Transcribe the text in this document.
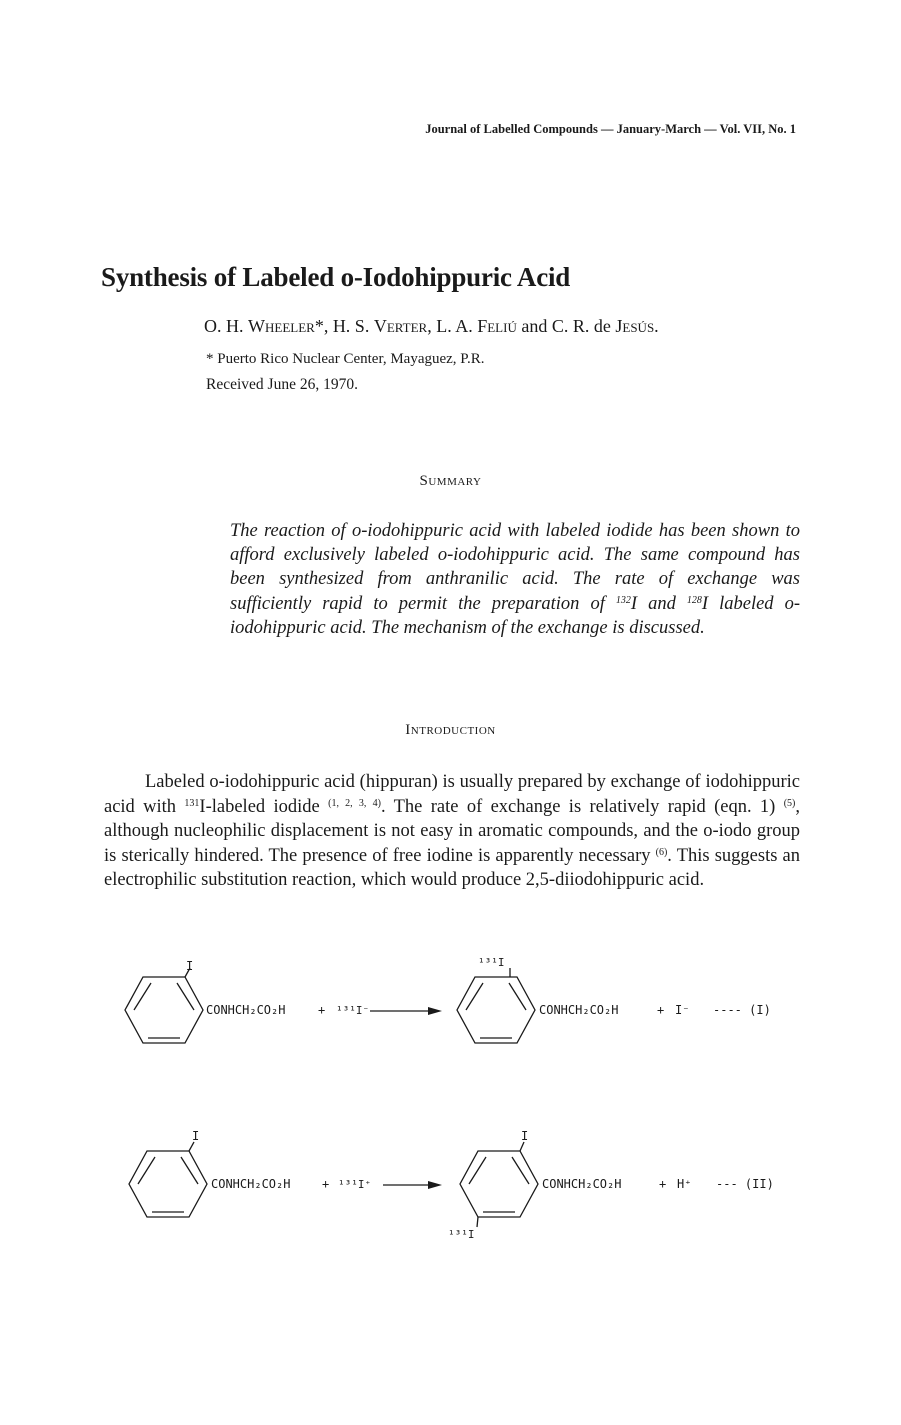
Journal of Labelled Compounds — January-March — Vol. VII, No. 1
Synthesis of Labeled o-Iodohippuric Acid
O. H. Wheeler*, H. S. Verter, L. A. Feliú and C. R. de Jesús.
* Puerto Rico Nuclear Center, Mayaguez, P.R.
Received June 26, 1970.
Summary

The reaction of o-iodohippuric acid with labeled iodide has been shown to afford exclusively labeled o-iodohippuric acid. The same compound has been synthesized from anthranilic acid. The rate of exchange was sufficiently rapid to permit the preparation of $^{132}$I and $^{128}$I labeled o-iodohippuric acid. The mechanism of the exchange is discussed.

Introduction

Labeled o-iodohippuric acid (hippuran) is usually prepared by exchange of iodohippuric acid with $^{131}$I-labeled iodide $^{(1, 2, 3, 4)}$. The rate of exchange is relatively rapid (eqn. 1) $^{(5)}$, although nucleophilic displacement is not easy in aromatic compounds, and the o-iodo group is sterically hindered. The presence of free iodine is apparently necessary $^{(6)}$. This suggests an electrophilic substitution reaction, which would produce 2,5-diiodohippuric acid.

I
CONHCH₂CO₂H	+ ¹³¹I⁻
¹³¹I
CONHCH₂CO₂H	+ I⁻ ---- (I)
I
CONHCH₂CO₂H	+ ¹³¹I⁺
I
¹³¹I
CONHCH₂CO₂H	+ H⁺ --- (II)
